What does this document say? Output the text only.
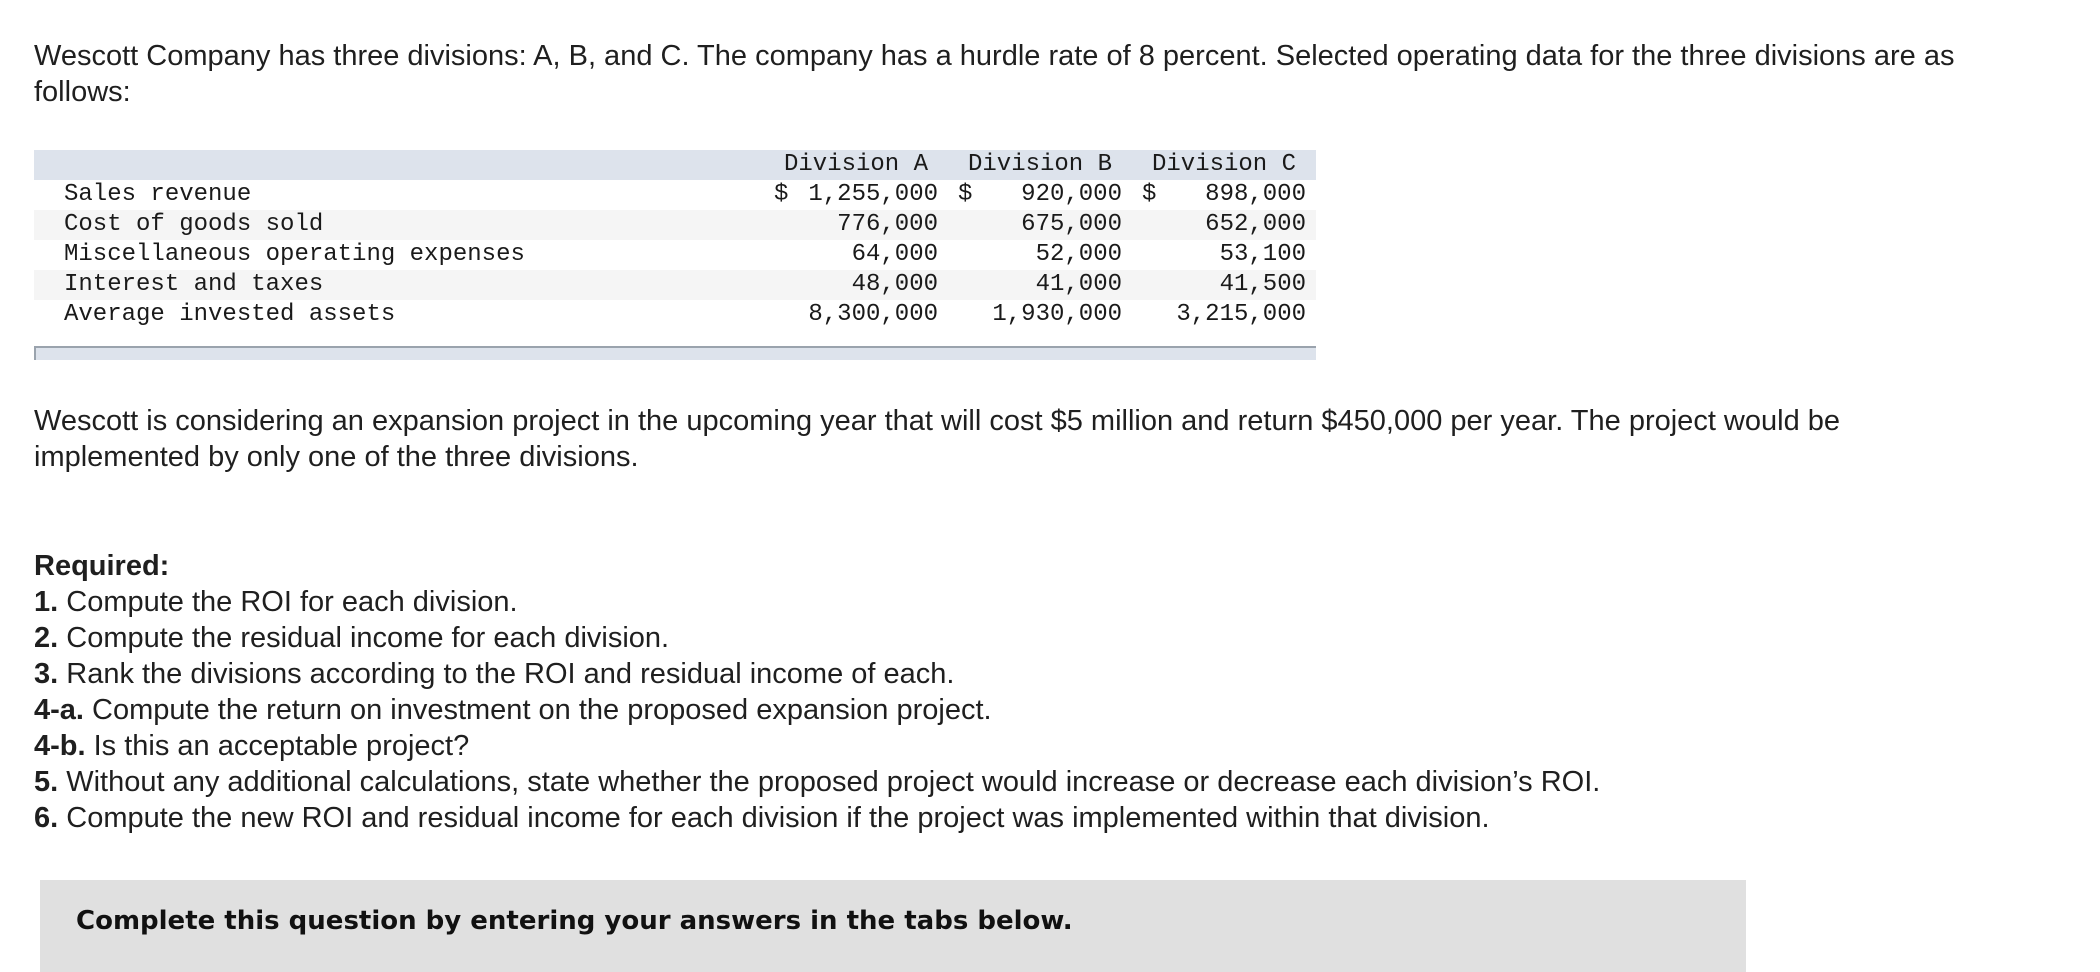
Wescott Company has three divisions: A, B, and C. The company has a hurdle rate of 8 percent. Selected operating data for the three divisions are as follows:

	Division A	Division B	Division C
Sales revenue	$ 1,255,000	$ 920,000	$ 898,000

Cost of goods sold	776,000	675,000	652,000
Miscellaneous operating expenses	64,000	52,000	53,100
Interest and taxes	48,000	41,000	41,500
Average invested assets	8,300,000	1,930,000	3,215,000

Wescott is considering an expansion project in the upcoming year that will cost $5 million and return $450,000 per year. The project would be implemented by only one of the three divisions.

Required:
1. Compute the ROI for each division.
2. Compute the residual income for each division.
3. Rank the divisions according to the ROI and residual income of each.
4-a. Compute the return on investment on the proposed expansion project.
4-b. Is this an acceptable project?
5. Without any additional calculations, state whether the proposed project would increase or decrease each division’s ROI.
6. Compute the new ROI and residual income for each division if the project was implemented within that division.
Complete this question by entering your answers in the tabs below.
